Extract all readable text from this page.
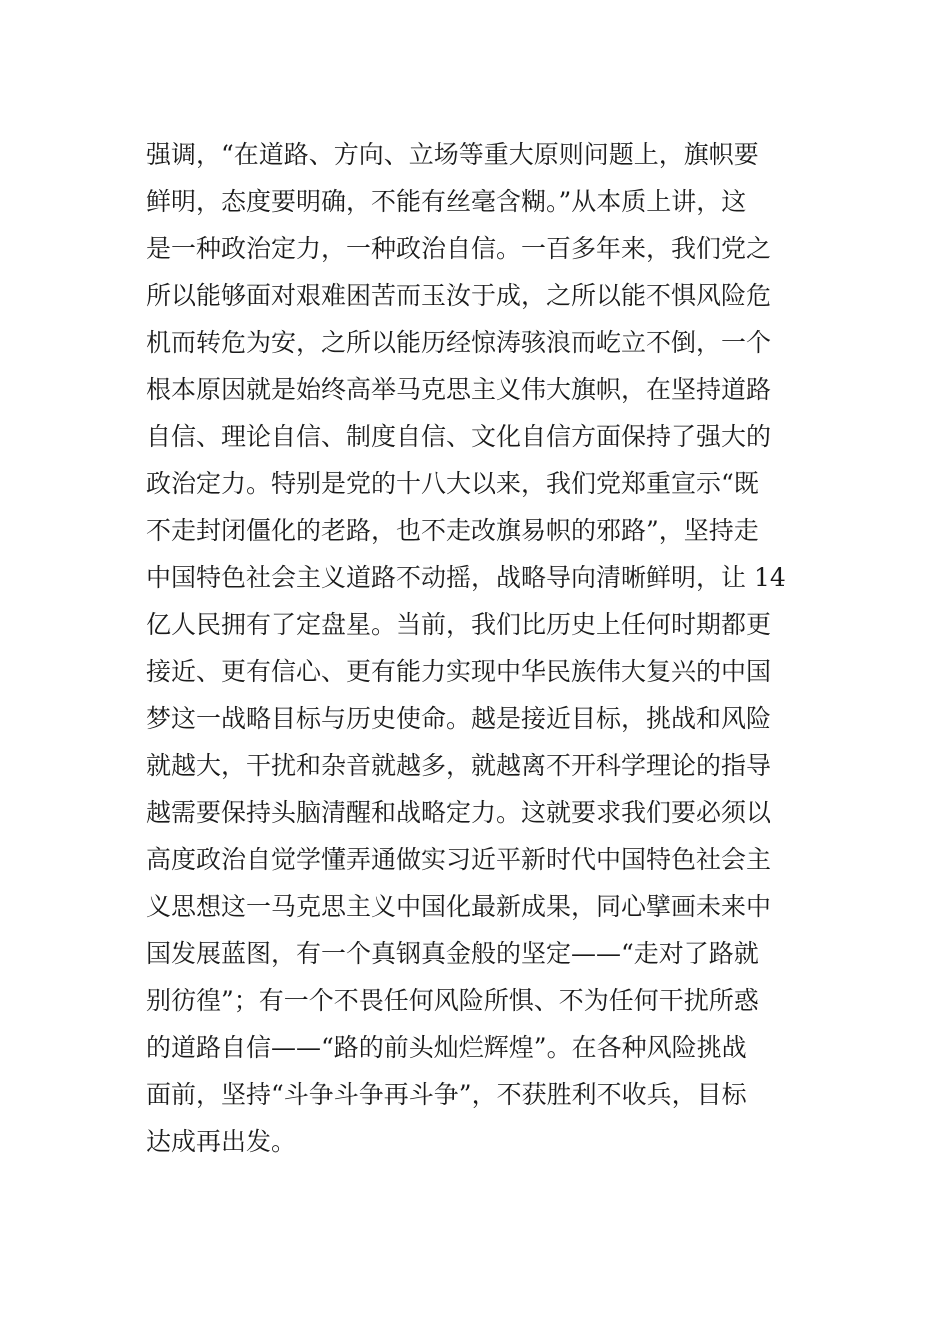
强调，“在道路、方向、立场等重大原则问题上，旗帜要
鲜明，态度要明确，不能有丝毫含糊。”从本质上讲，这
是一种政治定力，一种政治自信。一百多年来，我们党之
所以能够面对艰难困苦而玉汝于成，之所以能不惧风险危
机而转危为安，之所以能历经惊涛骇浪而屹立不倒，一个
根本原因就是始终高举马克思主义伟大旗帜，在坚持道路
自信、理论自信、制度自信、文化自信方面保持了强大的
政治定力。特别是党的十八大以来，我们党郑重宣示“既
不走封闭僵化的老路，也不走改旗易帜的邪路”，坚持走
中国特色社会主义道路不动摇，战略导向清晰鲜明，让 14
亿人民拥有了定盘星。当前，我们比历史上任何时期都更
接近、更有信心、更有能力实现中华民族伟大复兴的中国
梦这一战略目标与历史使命。越是接近目标，挑战和风险
就越大，干扰和杂音就越多，就越离不开科学理论的指导
越需要保持头脑清醒和战略定力。这就要求我们要必须以
高度政治自觉学懂弄通做实习近平新时代中国特色社会主
义思想这一马克思主义中国化最新成果，同心擘画未来中
国发展蓝图，有一个真钢真金般的坚定——“走对了路就
别彷徨”；有一个不畏任何风险所惧、不为任何干扰所惑
的道路自信——“路的前头灿烂辉煌”。在各种风险挑战
面前，坚持“斗争斗争再斗争”，不获胜利不收兵，目标
达成再出发。
